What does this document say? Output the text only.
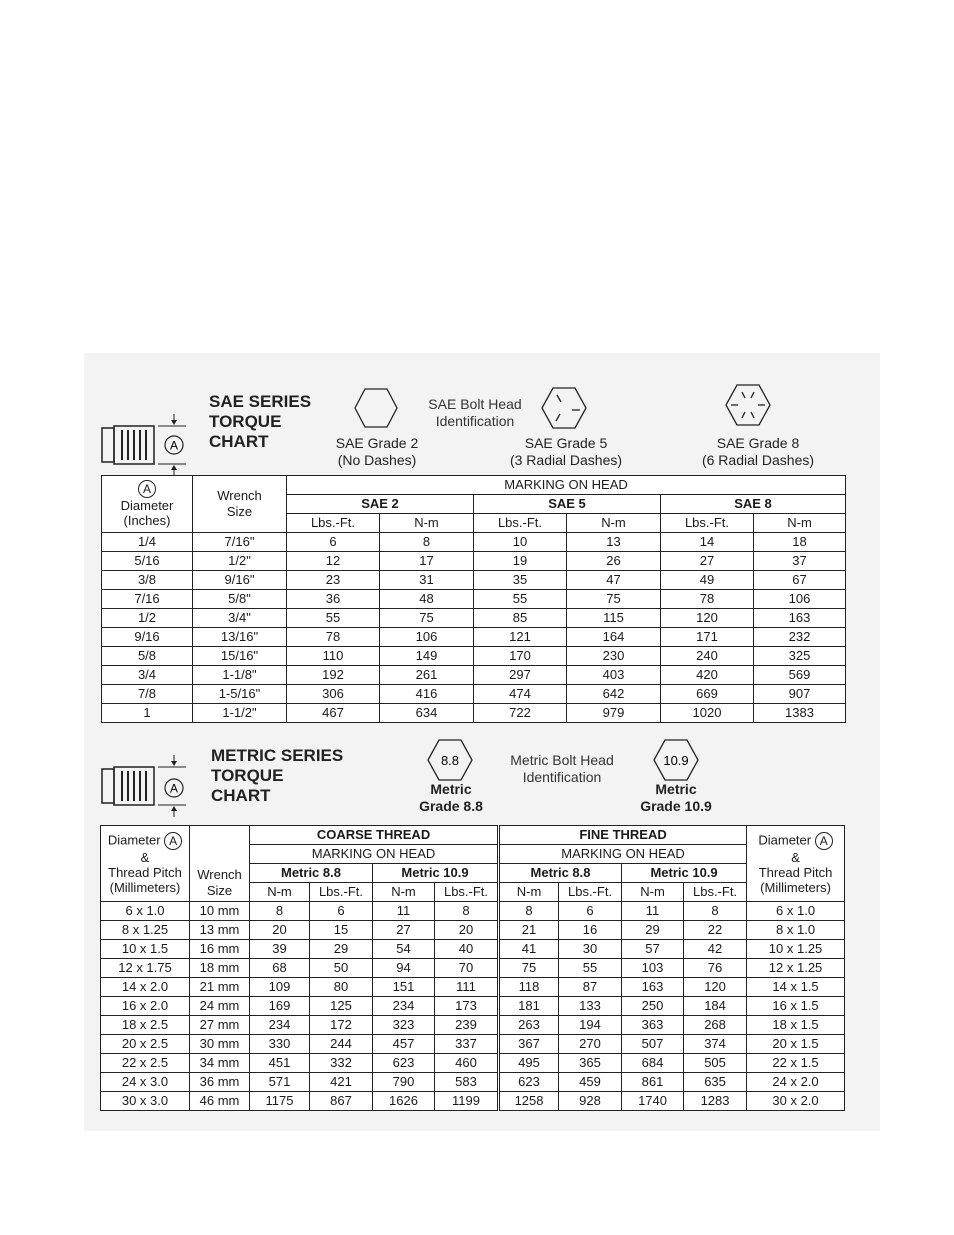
A
SAE SERIES
TORQUE
CHART
SAE Bolt Head
Identification
SAE Grade 2
(No Dashes)
SAE Grade 5
(3 Radial Dashes)
SAE Grade 8
(6 Radial Dashes)
A
Diameter
(Inches)	Wrench
Size	MARKING ON HEAD					
		SAE 2		SAE 5		SAE 8	
		Lbs.-Ft.	N-m	Lbs.-Ft.	N-m	Lbs.-Ft.	N-m
1/4	7/16"	6	8	10	13	14	18
5/16	1/2"	12	17	19	26	27	37
3/8	9/16"	23	31	35	47	49	67
7/16	5/8"	36	48	55	75	78	106
1/2	3/4"	55	75	85	115	120	163
9/16	13/16"	78	106	121	164	171	232
5/8	15/16"	110	149	170	230	240	325
3/4	1-1/8"	192	261	297	403	420	569
7/8	1-5/16"	306	416	474	642	669	907
1	1-1/2"	467	634	722	979	1020	1383
A
METRIC SERIES
TORQUE
CHART
8.8
Metric
Grade 8.8
Metric Bolt Head
Identification
10.9
Metric
Grade 10.9
Diameter A
&
Thread Pitch
(Millimeters)	Wrench
Size	COARSE THREAD				FINE THREAD				Diameter A
&
Thread Pitch
(Millimeters)
		MARKING ON HEAD				MARKING ON HEAD				
		Metric 8.8		Metric 10.9		Metric 8.8		Metric 10.9		
		N-m	Lbs.-Ft.	N-m	Lbs.-Ft.	N-m	Lbs.-Ft.	N-m	Lbs.-Ft.	
6 x 1.0	10 mm	8	6	11	8	8	6	11	8	6 x 1.0
8 x 1.25	13 mm	20	15	27	20	21	16	29	22	8 x 1.0
10 x 1.5	16 mm	39	29	54	40	41	30	57	42	10 x 1.25
12 x 1.75	18 mm	68	50	94	70	75	55	103	76	12 x 1.25
14 x 2.0	21 mm	109	80	151	111	118	87	163	120	14 x 1.5
16 x 2.0	24 mm	169	125	234	173	181	133	250	184	16 x 1.5
18 x 2.5	27 mm	234	172	323	239	263	194	363	268	18 x 1.5
20 x 2.5	30 mm	330	244	457	337	367	270	507	374	20 x 1.5
22 x 2.5	34 mm	451	332	623	460	495	365	684	505	22 x 1.5
24 x 3.0	36 mm	571	421	790	583	623	459	861	635	24 x 2.0
30 x 3.0	46 mm	1175	867	1626	1199	1258	928	1740	1283	30 x 2.0
